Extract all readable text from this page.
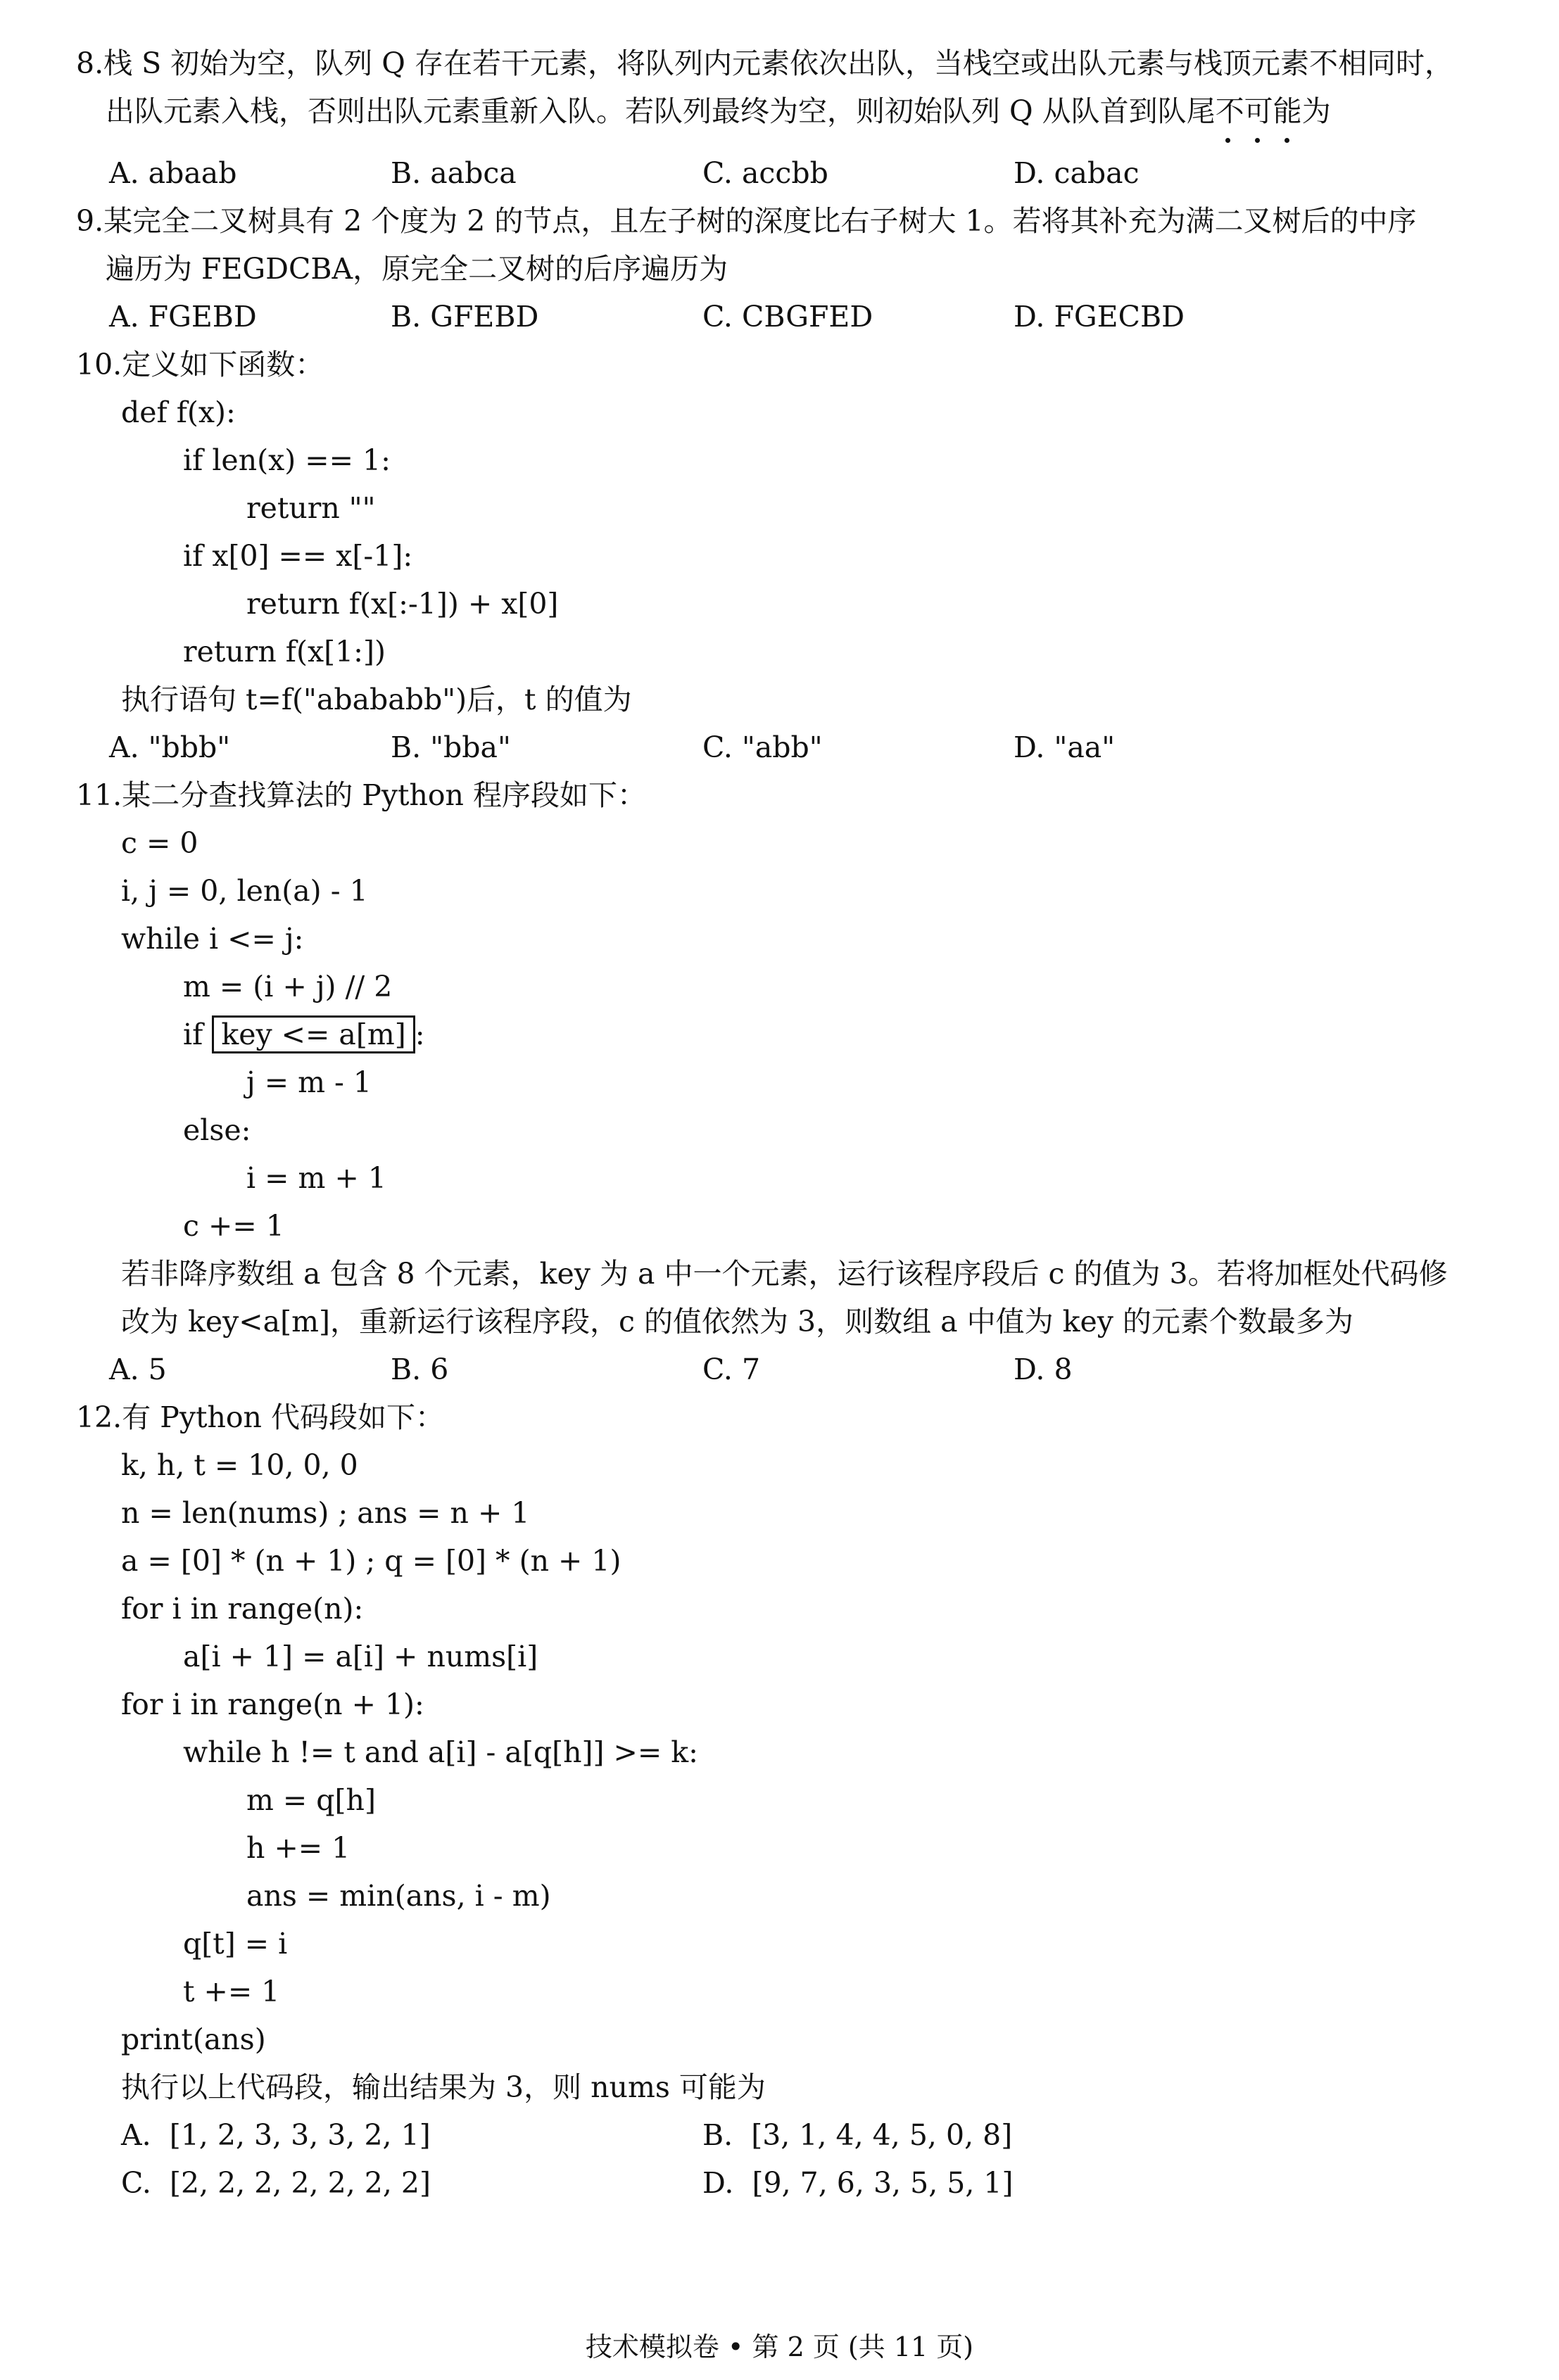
8.栈 S 初始为空，队列 Q 存在若干元素，将队列内元素依次出队，当栈空或出队元素与栈顶元素不相同时，
出队元素入栈，否则出队元素重新入队。若队列最终为空，则初始队列 Q 从队首到队尾不可能
为
A. abaab	B. aabca	C. accbb	D. cabac
9.某完全二叉树具有 2 个度为 2 的节点，且左子树的深度比右子树大 1。若将其补充为满二叉树后的中序
遍历为 FEGDCBA，原完全二叉树的后序遍历为
A. FGEBD	B. GFEBD	C. CBGFED	D. FGECBD
10.定义如下函数：
def f(x):
if len(x) == 1:
return ""
if x[0] == x[-1]:
return f(x[:-1]) + x[0]
return f(x[1:])
执行语句 t=f("abababb")后，t 的值为
A. "bbb"	B. "bba"	C. "abb"	D. "aa"
11.某二分查找算法的 Python 程序段如下：
c = 0
i, j = 0, len(a) - 1
while i <= j:
m = (i + j) // 2
if key <= a[m] :
j = m - 1
else:
i = m + 1
c += 1
若非降序数组 a 包含 8 个元素，key 为 a 中一个元素，运行该程序段后 c 的值为 3。若将加框处代码修
改为 key<a[m]，重新运行该程序段，c 的值依然为 3，则数组 a 中值为 key 的元素个数最多为
A. 5	B. 6	C. 7	D. 8
12.有 Python 代码段如下：
k, h, t = 10, 0, 0
n = len(nums) ; ans = n + 1
a = [0] * (n + 1) ; q = [0] * (n + 1)
for i in range(n):
a[i + 1] = a[i] + nums[i]
for i in range(n + 1):
while h != t and a[i] - a[q[h]] >= k:
m = q[h]
h += 1
ans = min(ans, i - m)
q[t] = i
t += 1
print(ans)
执行以上代码段，输出结果为 3，则 nums 可能为
A.  [1, 2, 3, 3, 3, 2, 1]	B.  [3, 1, 4, 4, 5, 0, 8]
C.  [2, 2, 2, 2, 2, 2, 2]	D.  [9, 7, 6, 3, 5, 5, 1]
技术模拟卷 • 第 2 页 (共 11 页)
